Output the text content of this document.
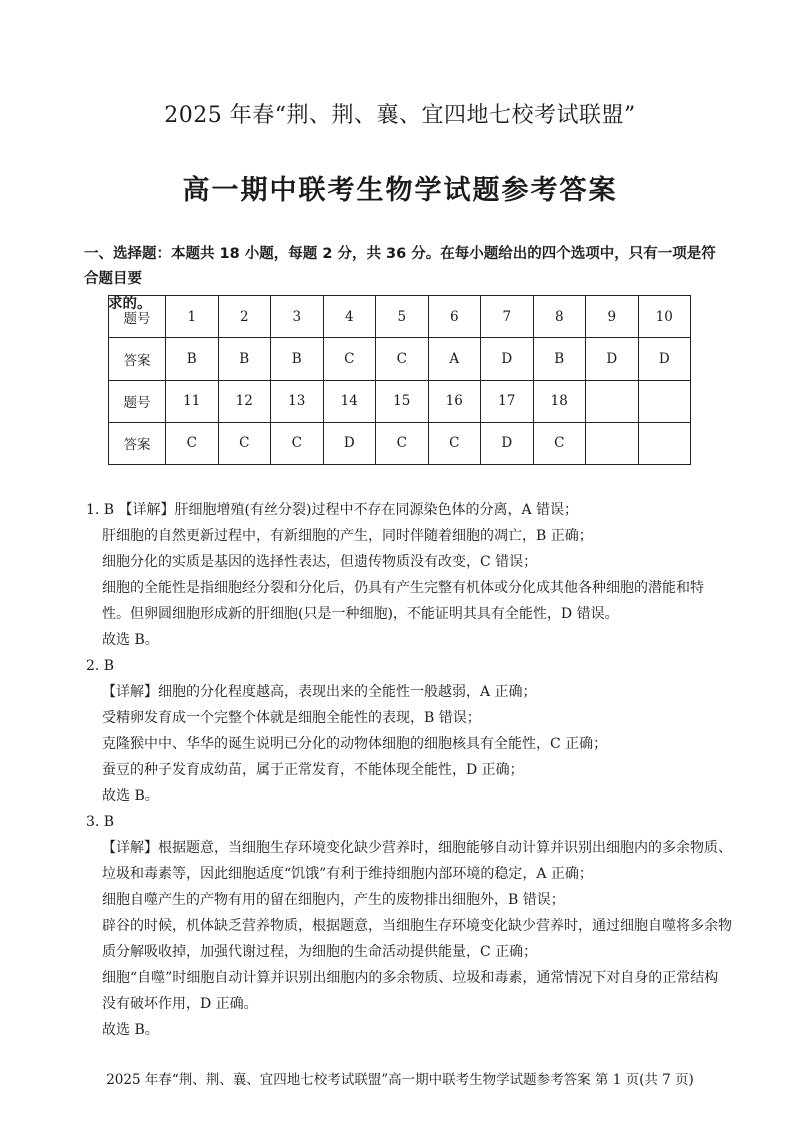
2025 年春“荆、荆、襄、宜四地七校考试联盟”
高一期中联考生物学试题参考答案
一、选择题：本题共 18 小题，每题 2 分，共 36 分。在每小题给出的四个选项中，只有一项是符合题目要
求的。
题号	1	2	3	4	5	6	7	8	9	10
答案	B	B	B	C	C	A	D	B	D	D
题号	11	12	13	14	15	16	17	18		
答案	C	C	C	D	C	C	D	C		
1. B 【详解】肝细胞增殖(有丝分裂)过程中不存在同源染色体的分离，A 错误；
肝细胞的自然更新过程中，有新细胞的产生，同时伴随着细胞的凋亡，B 正确；
细胞分化的实质是基因的选择性表达，但遗传物质没有改变，C 错误；
细胞的全能性是指细胞经分裂和分化后，仍具有产生完整有机体或分化成其他各种细胞的潜能和特
性。但卵圆细胞形成新的肝细胞(只是一种细胞)，不能证明其具有全能性，D 错误。
故选 B。
2. B
【详解】细胞的分化程度越高，表现出来的全能性一般越弱，A 正确；
受精卵发育成一个完整个体就是细胞全能性的表现，B 错误；
克隆猴中中、华华的诞生说明已分化的动物体细胞的细胞核具有全能性，C 正确；
蚕豆的种子发育成幼苗，属于正常发育，不能体现全能性，D 正确；
故选 B。
3. B
【详解】根据题意，当细胞生存环境变化缺少营养时，细胞能够自动计算并识别出细胞内的多余物质、
垃圾和毒素等，因此细胞适度“饥饿”有利于维持细胞内部环境的稳定，A 正确；
细胞自噬产生的产物有用的留在细胞内，产生的废物排出细胞外，B 错误；
辟谷的时候，机体缺乏营养物质，根据题意，当细胞生存环境变化缺少营养时，通过细胞自噬将多余物
质分解吸收掉，加强代谢过程，为细胞的生命活动提供能量，C 正确；
细胞“自噬”时细胞自动计算并识别出细胞内的多余物质、垃圾和毒素，通常情况下对自身的正常结构
没有破坏作用，D 正确。
故选 B。
2025 年春“荆、荆、襄、宜四地七校考试联盟”高一期中联考生物学试题参考答案 第 1 页(共 7 页)
